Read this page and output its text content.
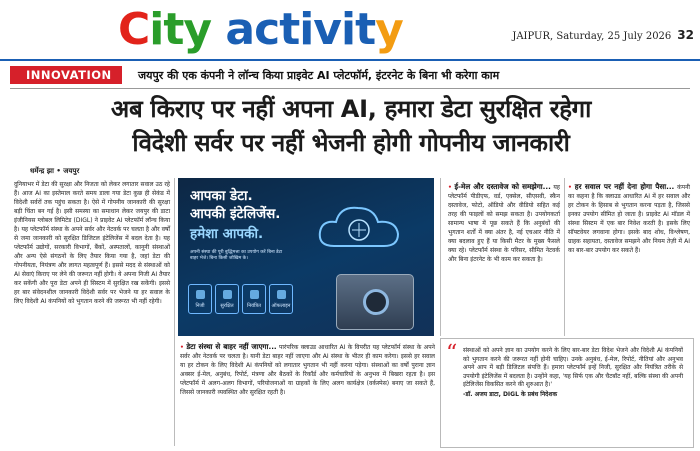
City activity	JAIPUR, Saturday, 25 July 2026 32
INNOVATION	जयपुर की एक कंपनी ने लॉन्च किया प्राइवेट AI प्लेटफॉर्म, इंटरनेट के बिना भी करेगा काम
अब किराए पर नहीं अपना AI, हमारा डेटा सुरक्षित रहेगा
विदेशी सर्वर पर नहीं भेजनी होगी गोपनीय जानकारी
धर्मेन्द्र झा • जयपुर
दुनियाभर में डेटा की सुरक्षा और निजता को लेकर लगातार सवाल उठ रहे हैं। आज AI का इस्तेमाल करते समय डाला गया डेटा कुछ ही सेकंड में विदेशी सर्वरों तक पहुंच सकता है। ऐसे में गोपनीय जानकारी की सुरक्षा बड़ी चिंता बन गई है। इसी समस्या का समाधान लेकर जयपुर की डाटा इंजीनियस ग्लोबल लिमिटेड (DIGL) ने प्राइवेट AI प्लेटफॉर्म लॉन्च किया है। यह प्लेटफॉर्म संस्था के अपने सर्वर और नेटवर्क पर चलता है और वर्षों से जमा जानकारी को सुरक्षित डिजिटल इंटेलिजेंस में बदल देता है। यह प्लेटफॉर्म उद्योगों, सरकारी विभागों, बैंकों, अस्पतालों, कानूनी संस्थाओं और अन्य ऐसे संगठनों के लिए तैयार किया गया है, जहां डेटा की गोपनीयता, नियंत्रण और लागत महत्वपूर्ण हैं। इससे मदद से संस्थाओं को AI सेवाएं किराए पर लेने की जरूरत नहीं होगी। ये अपना निजी AI तैयार कर सकेंगी और पूरा डेटा अपने ही सिस्टम में सुरक्षित रख सकेंगी। इससे हर बार संवेदनशील जानकारी विदेशी सर्वर पर भेजने या हर सवाल के लिए विदेशी AI कंपनियों को भुगतान करने की जरूरत भी नहीं रहेगी।
आपका डेटा.
आपकी इंटेलिजेंस.
हमेशा आपकी.
अपनी संस्था की पूरी बुद्धिमत्ता का उपयोग करें बिना डेटा बाहर भेजे। बिना किसी जोखिम के।
निजी	सुरक्षित	नियंत्रित	ऑफलाइन
• ई-मेल और दस्तावेज को समझेगा... यह प्लेटफॉर्म पीडीएफ, वर्ड, एक्सेल, सीएसवी, स्कैन दस्तावेज, फोटो, ऑडियो और वीडियो सहित कई तरह की फाइलों को समझ सकता है। उपयोगकर्ता सामान्य भाषा में पूछ सकते हैं कि अनुबंधों की भुगतान शर्तों में क्या अंतर है, नई एचआर नीति में क्या बदलाव हुए हैं या किसी मैटर के मुख्य फैसले क्या रहे। प्लेटफॉर्म संस्था के परिसर, सीमित नेटवर्क और बिना इंटरनेट के भी काम कर सकता है।
• हर सवाल पर नहीं देना होगा पैसा... कंपनी का कहना है कि क्लाउड आधारित AI में हर सवाल और हर टोकन के हिसाब से भुगतान करना पड़ता है, जिससे इनका उपयोग सीमित हो जाता है। प्राइवेट AI मॉडल में संस्था सिस्टम में एक बार निवेश करती है। इसके लिए सॉफ्टवेयर लगवाना होगा। इसके बाद शोध, विश्लेषण, ग्राहक सहायता, दस्तावेज समझने और नियम तेज़ी में AI का बार-बार उपयोग कर सकते हैं।
• डेटा संस्था से बाहर नहीं जाएगा... पारंपरिक क्लाउड आधारित AI के विपरीत यह प्लेटफॉर्म संस्था के अपने सर्वर और नेटवर्क पर चलता है। यानी डेटा बाहर नहीं जाएगा और AI संस्था के भीतर ही काम करेगा। इससे हर सवाल या हर टोकन के लिए विदेशी AI कंपनियों को लगातार भुगतान भी नहीं करना पड़ेगा। संस्थाओं का वर्षों पुराना ज्ञान अक्सर ई-मेल, अनुबंध, रिपोर्ट, मंत्रणा और बैठकों के रिकॉर्ड और कर्मचारियों के अनुभव में बिखरा रहता है। इस प्लेटफॉर्म में अलग-अलग विभागों, परियोजनाओं या ग्राहकों के लिए अलग कार्यक्षेत्र (वर्कस्पेस) बनाए जा सकते हैं, जिससे जानकारी व्यवस्थित और सुरक्षित रहती है।
“ संस्थाओं को अपने ज्ञान का उपयोग करने के लिए बार-बार डेटा विदेश भेजने और विदेशी AI कंपनियों को भुगतान करने की जरूरत नहीं होनी चाहिए। उनके अनुबंध, ई-मेल, रिपोर्ट, नीतियां और अनुभव अपने आप में बड़ी डिजिटल संपत्ति हैं। हमारा प्लेटफॉर्म इन्हें निजी, सुरक्षित और नियंत्रित तरीके से उपयोगी इंटेलिजेंस में बदलता है। उन्होंने कहा, 'यह सिर्फ एक और चैटबॉट नहीं, बल्कि संस्था की अपनी इंटेलिजेंस विकसित करने की शुरुआत है।'
-डॉ. अजय डाटा, DIGL के प्रबंध निदेशक
